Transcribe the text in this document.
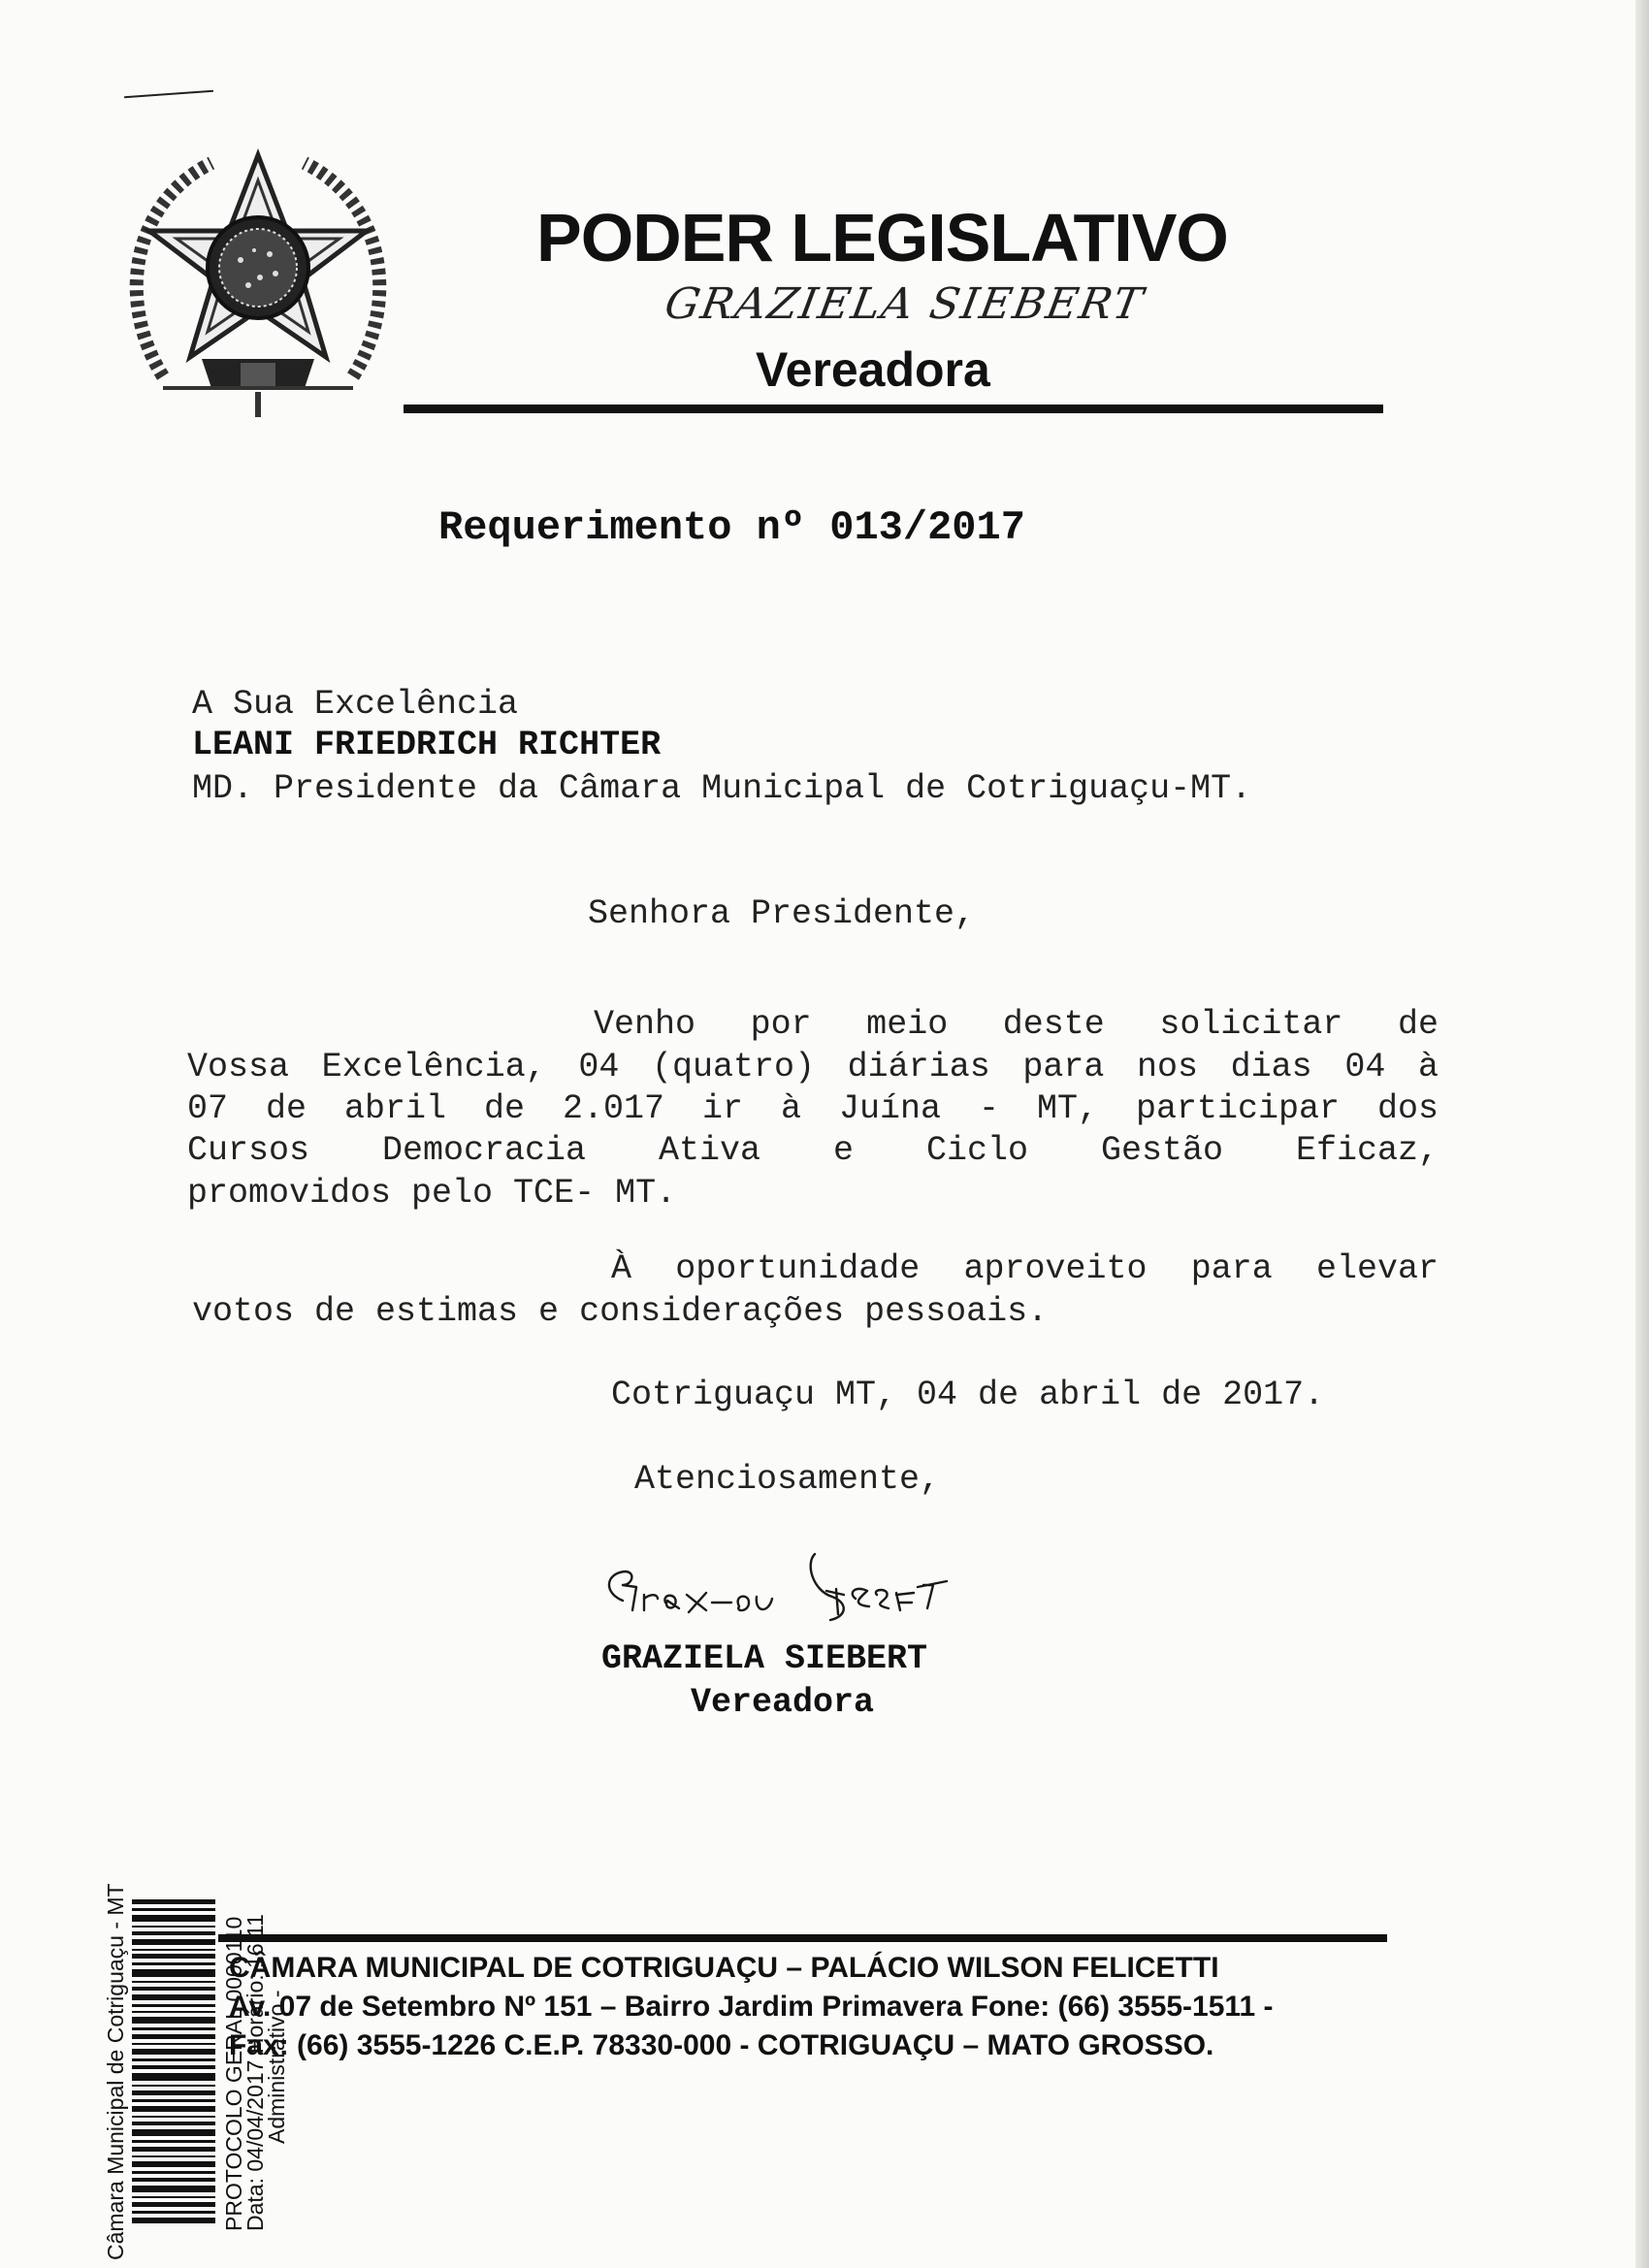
PODER LEGISLATIVO
GRAZIELA SIEBERT
Vereadora
Requerimento nº 013/2017
A Sua Excelência
LEANI FRIEDRICH RICHTER
MD. Presidente da Câmara Municipal de Cotriguaçu-MT.
Senhora Presidente,
Venho por meio deste solicitar de
Vossa Excelência, 04 (quatro) diárias para nos dias 04 à
07 de abril de 2.017 ir à Juína - MT, participar dos
Cursos Democracia Ativa e Ciclo Gestão Eficaz,
promovidos pelo TCE- MT.
À oportunidade aproveito para elevar
votos de estimas e considerações pessoais.
Cotriguaçu MT, 04 de abril de 2017.
Atenciosamente,
GRAZIELA SIEBERT
Vereadora
CÂMARA MUNICIPAL DE COTRIGUAÇU – PALÁCIO WILSON FELICETTI
Av. 07 de Setembro Nº 151 – Bairro Jardim Primavera Fone: (66) 3555-1511 -
Fax: (66) 3555-1226 C.E.P. 78330-000 - COTRIGUAÇU – MATO GROSSO.
Câmara Municipal de Cotriguaçu - MT	PROTOCOLO GERAL 0000110
Data: 04/04/2017 Horário: 16:11
Administrativo -
